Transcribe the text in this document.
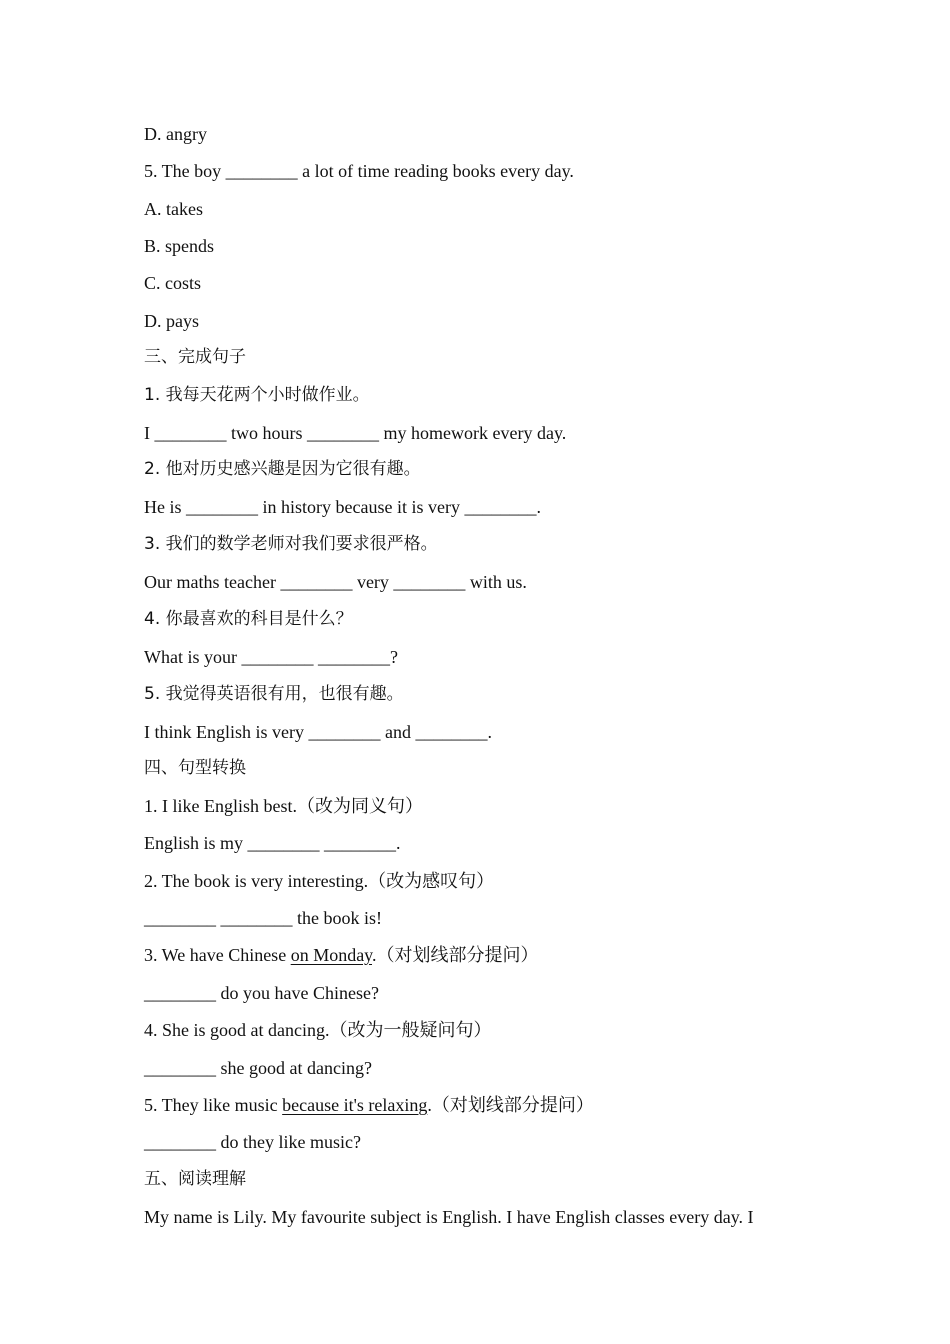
D. angry
5. The boy ________ a lot of time reading books every day.
A. takes
B. spends
C. costs
D. pays
三、完成句子
1. 我每天花两个小时做作业。
I ________ two hours ________ my homework every day.
2. 他对历史感兴趣是因为它很有趣。
He is ________ in history because it is very ________.
3. 我们的数学老师对我们要求很严格。
Our maths teacher ________ very ________ with us.
4. 你最喜欢的科目是什么？
What is your ________ ________?
5. 我觉得英语很有用，也很有趣。
I think English is very ________ and ________.
四、句型转换
1. I like English best.（改为同义句）
English is my ________ ________.
2. The book is very interesting.（改为感叹句）
________ ________ the book is!
3. We have Chinese on Monday.（对划线部分提问）
________ do you have Chinese?
4. She is good at dancing.（改为一般疑问句）
________ she good at dancing?
5. They like music because it's relaxing.（对划线部分提问）
________ do they like music?
五、阅读理解
My name is Lily. My favourite subject is English. I have English classes every day. I
